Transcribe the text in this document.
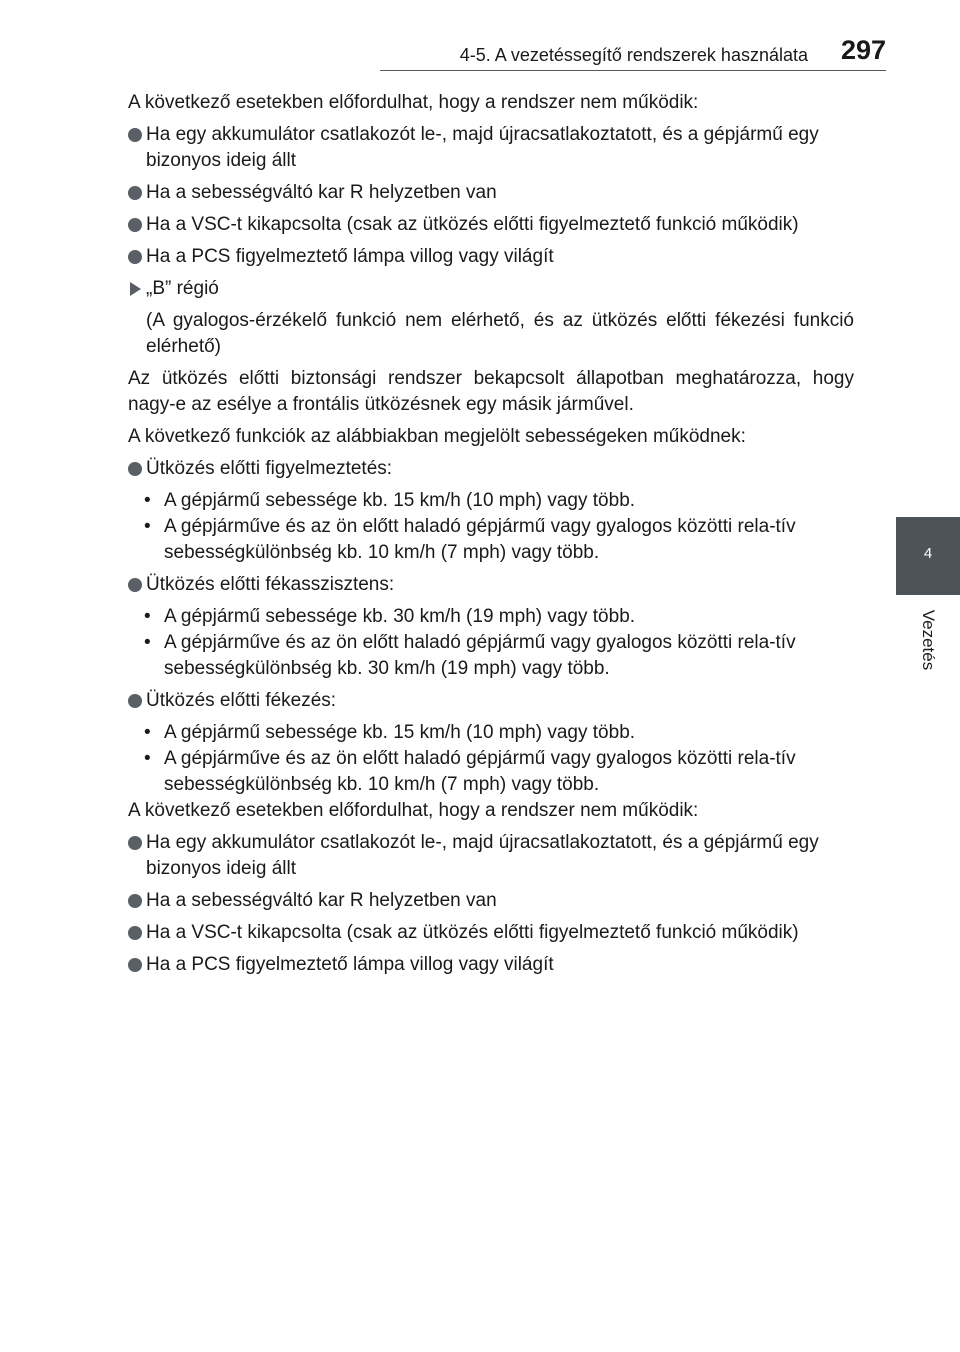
4-5. A vezetéssegítő rendszerek használata 297
4
Vezetés

A következő esetekben előfordulhat, hogy a rendszer nem működik:

Ha egy akkumulátor csatlakozót le-, majd újracsatlakoztatott, és a gépjármű egy bizonyos ideig állt
Ha a sebességváltó kar R helyzetben van
Ha a VSC-t kikapcsolta (csak az ütközés előtti figyelmeztető funkció működik)
Ha a PCS figyelmeztető lámpa villog vagy világít
„B” régió

(A gyalogos-érzékelő funkció nem elérhető, és az ütközés előtti fékezési funkció elérhető)

Az ütközés előtti biztonsági rendszer bekapcsolt állapotban meghatározza, hogy nagy-e az esélye a frontális ütközésnek egy másik járművel.

A következő funkciók az alábbiakban megjelölt sebességeken működnek:

Ütközés előtti figyelmeztetés:
• A gépjármű sebessége kb. 15 km/h (10 mph) vagy több.
• A gépjárműve és az ön előtt haladó gépjármű vagy gyalogos közötti rela-tív sebességkülönbség kb. 10 km/h (7 mph) vagy több.
Ütközés előtti fékasszisztens:
• A gépjármű sebessége kb. 30 km/h (19 mph) vagy több.
• A gépjárműve és az ön előtt haladó gépjármű vagy gyalogos közötti rela-tív sebességkülönbség kb. 30 km/h (19 mph) vagy több.
Ütközés előtti fékezés:
• A gépjármű sebessége kb. 15 km/h (10 mph) vagy több.
• A gépjárműve és az ön előtt haladó gépjármű vagy gyalogos közötti rela-tív sebességkülönbség kb. 10 km/h (7 mph) vagy több.

A következő esetekben előfordulhat, hogy a rendszer nem működik:

Ha egy akkumulátor csatlakozót le-, majd újracsatlakoztatott, és a gépjármű egy bizonyos ideig állt
Ha a sebességváltó kar R helyzetben van
Ha a VSC-t kikapcsolta (csak az ütközés előtti figyelmeztető funkció működik)
Ha a PCS figyelmeztető lámpa villog vagy világít
